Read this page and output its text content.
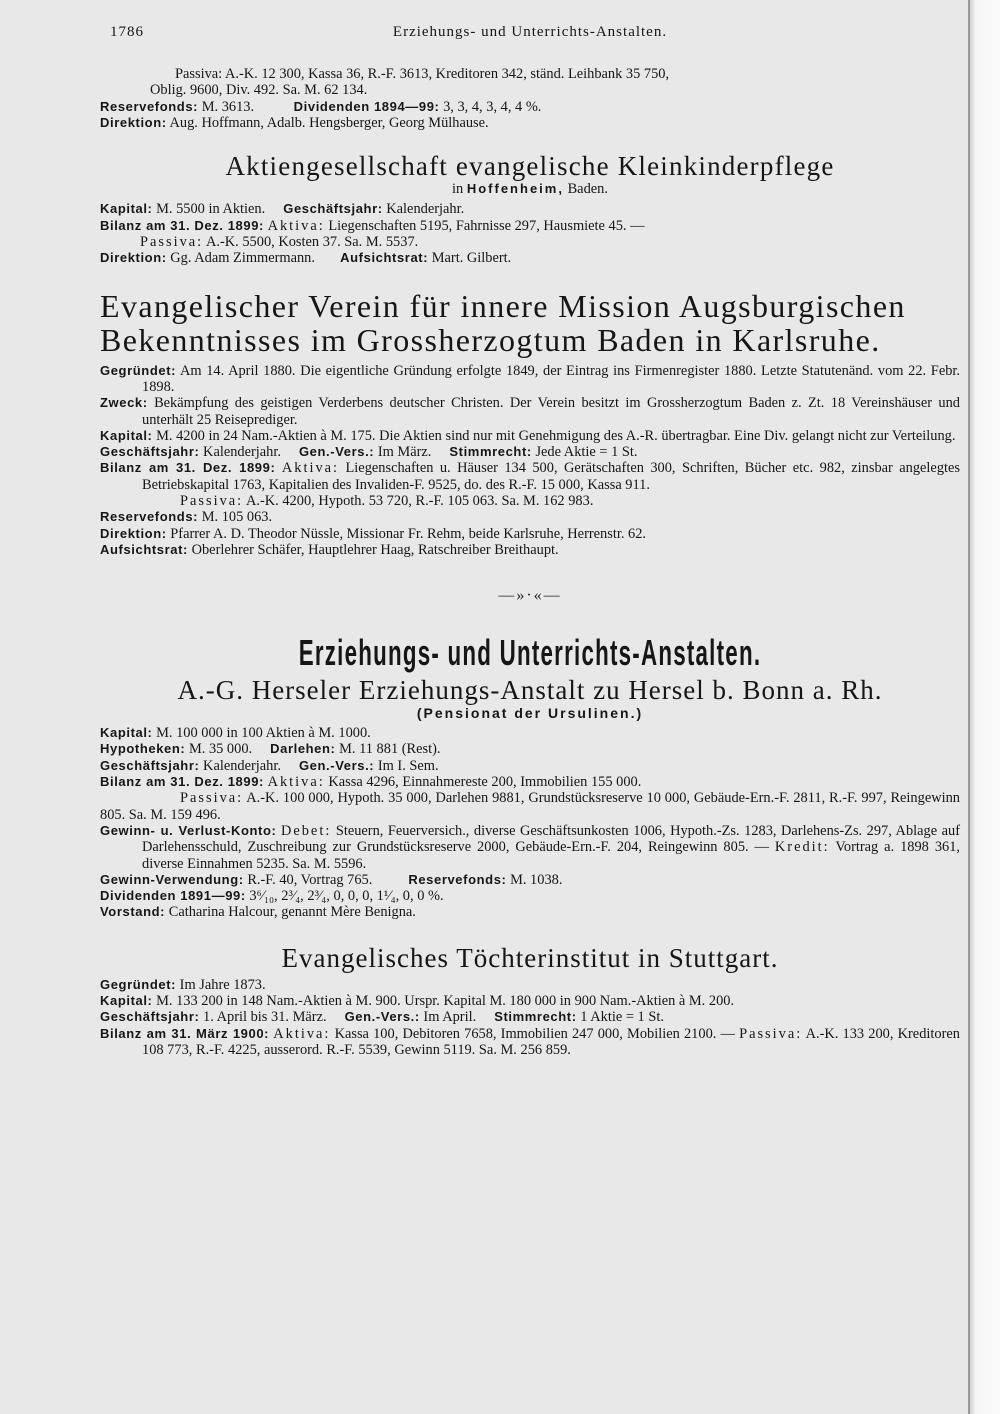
1786	Erziehungs- und Unterrichts-Anstalten.

Passiva: A.-K. 12 300, Kassa 36, R.-F. 3613, Kreditoren 342, ständ. Leihbank 35 750,

Oblig. 9600, Div. 492. Sa. M. 62 134.

Reservefonds: M. 3613.	Dividenden 1894—99: 3, 3, 4, 3, 4, 4 %.

Direktion: Aug. Hoffmann, Adalb. Hengsberger, Georg Mülhause.

Aktiengesellschaft evangelische Kleinkinderpflege
in Hoffenheim, Baden.

Kapital: M. 5500 in Aktien. Geschäftsjahr: Kalenderjahr.

Bilanz am 31. Dez. 1899: Aktiva: Liegenschaften 5195, Fahrnisse 297, Hausmiete 45. —

Passiva: A.-K. 5500, Kosten 37. Sa. M. 5537.

Direktion: Gg. Adam Zimmermann. Aufsichtsrat: Mart. Gilbert.

Evangelischer Verein für innere Mission Augsburgischen Bekenntnisses im Grossherzogtum Baden in Karlsruhe.

Gegründet: Am 14. April 1880. Die eigentliche Gründung erfolgte 1849, der Eintrag ins Firmenregister 1880. Letzte Statutenänd. vom 22. Febr. 1898.

Zweck: Bekämpfung des geistigen Verderbens deutscher Christen. Der Verein besitzt im Grossherzogtum Baden z. Zt. 18 Vereinshäuser und unterhält 25 Reiseprediger.

Kapital: M. 4200 in 24 Nam.-Aktien à M. 175. Die Aktien sind nur mit Genehmigung des A.-R. übertragbar. Eine Div. gelangt nicht zur Verteilung.

Geschäftsjahr: Kalenderjahr. Gen.-Vers.: Im März. Stimmrecht: Jede Aktie = 1 St.

Bilanz am 31. Dez. 1899: Aktiva: Liegenschaften u. Häuser 134 500, Gerätschaften 300, Schriften, Bücher etc. 982, zinsbar angelegtes Betriebskapital 1763, Kapitalien des Invaliden-F. 9525, do. des R.-F. 15 000, Kassa 911.

Passiva: A.-K. 4200, Hypoth. 53 720, R.-F. 105 063. Sa. M. 162 983.

Reservefonds: M. 105 063.

Direktion: Pfarrer A. D. Theodor Nüssle, Missionar Fr. Rehm, beide Karlsruhe, Herrenstr. 62.

Aufsichtsrat: Oberlehrer Schäfer, Hauptlehrer Haag, Ratschreiber Breithaupt.

—»·«—
Erziehungs- und Unterrichts-Anstalten.
A.-G. Herseler Erziehungs-Anstalt zu Hersel b. Bonn a. Rh.
(Pensionat der Ursulinen.)

Kapital: M. 100 000 in 100 Aktien à M. 1000.

Hypotheken: M. 35 000. Darlehen: M. 11 881 (Rest).

Geschäftsjahr: Kalenderjahr. Gen.-Vers.: Im I. Sem.

Bilanz am 31. Dez. 1899: Aktiva: Kassa 4296, Einnahmereste 200, Immobilien 155 000.

Passiva: A.-K. 100 000, Hypoth. 35 000, Darlehen 9881, Grundstücksreserve 10 000, Gebäude-Ern.-F. 2811, R.-F. 997, Reingewinn 805. Sa. M. 159 496.

Gewinn- u. Verlust-Konto: Debet: Steuern, Feuerversich., diverse Geschäftsunkosten 1006, Hypoth.-Zs. 1283, Darlehens-Zs. 297, Ablage auf Darlehensschuld, Zuschreibung zur Grundstücksreserve 2000, Gebäude-Ern.-F. 204, Reingewinn 805. — Kredit: Vortrag a. 1898 361, diverse Einnahmen 5235. Sa. M. 5596.

Gewinn-Verwendung: R.-F. 40, Vortrag 765.	Reservefonds: M. 1038.

Dividenden 1891—99: 3⁶⁄₁₀, 2³⁄₄, 2³⁄₄, 0, 0, 0, 1¹⁄₄, 0, 0 %.

Vorstand: Catharina Halcour, genannt Mère Benigna.

Evangelisches Töchterinstitut in Stuttgart.

Gegründet: Im Jahre 1873.

Kapital: M. 133 200 in 148 Nam.-Aktien à M. 900. Urspr. Kapital M. 180 000 in 900 Nam.-Aktien à M. 200.

Geschäftsjahr: 1. April bis 31. März. Gen.-Vers.: Im April. Stimmrecht: 1 Aktie = 1 St.

Bilanz am 31. März 1900: Aktiva: Kassa 100, Debitoren 7658, Immobilien 247 000, Mobilien 2100. — Passiva: A.-K. 133 200, Kreditoren 108 773, R.-F. 4225, ausserord. R.-F. 5539, Gewinn 5119. Sa. M. 256 859.
